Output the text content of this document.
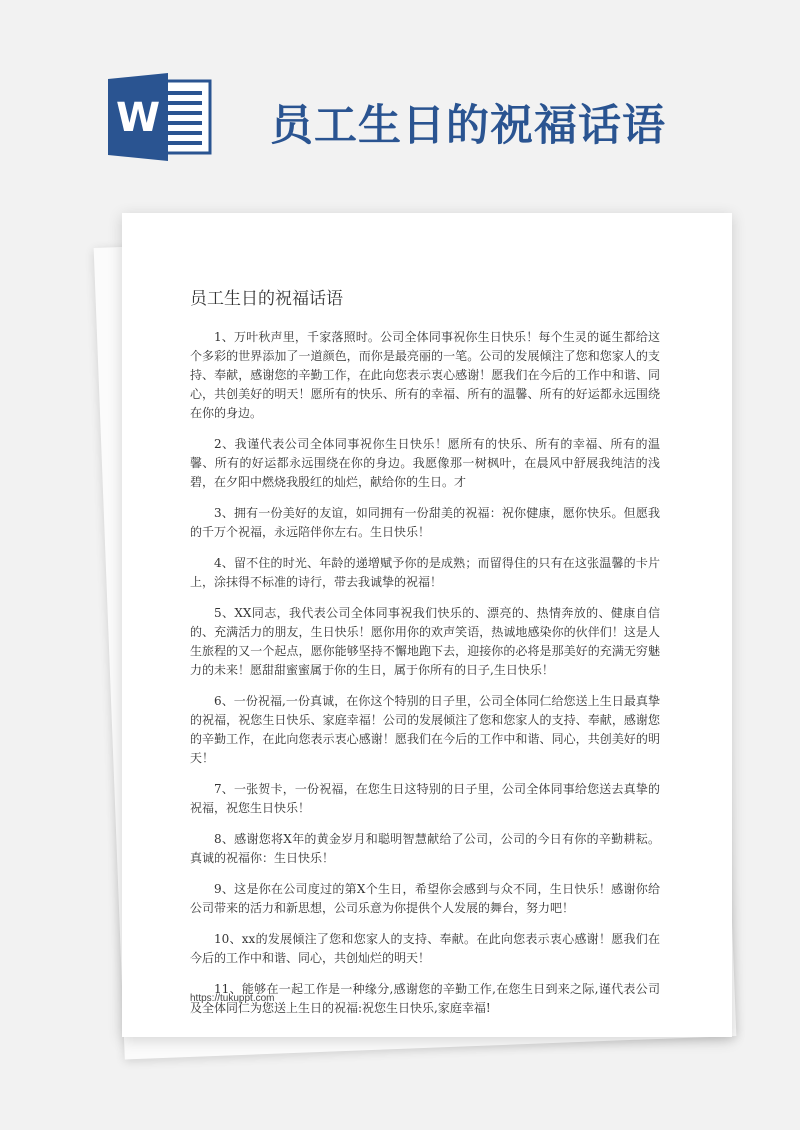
W	员工生日的祝福话语
员工生日的祝福话语

1、万叶秋声里，千家落照时。公司全体同事祝你生日快乐！每个生灵的诞生都给这个多彩的世界添加了一道颜色，而你是最亮丽的一笔。公司的发展倾注了您和您家人的支持、奉献，感谢您的辛勤工作，在此向您表示衷心感谢！愿我们在今后的工作中和谐、同心，共创美好的明天！愿所有的快乐、所有的幸福、所有的温馨、所有的好运都永远围绕在你的身边。

2、我谨代表公司全体同事祝你生日快乐！愿所有的快乐、所有的幸福、所有的温馨、所有的好运都永远围绕在你的身边。我愿像那一树枫叶，在晨风中舒展我纯洁的浅碧，在夕阳中燃烧我殷红的灿烂，献给你的生日。才

3、拥有一份美好的友谊，如同拥有一份甜美的祝福：祝你健康，愿你快乐。但愿我的千万个祝福，永远陪伴你左右。生日快乐！

4、留不住的时光、年龄的递增赋予你的是成熟；而留得住的只有在这张温馨的卡片上，涂抹得不标准的诗行，带去我诚挚的祝福！

5、XX同志，我代表公司全体同事祝我们快乐的、漂亮的、热情奔放的、健康自信的、充满活力的朋友，生日快乐！愿你用你的欢声笑语，热诚地感染你的伙伴们！这是人生旅程的又一个起点，愿你能够坚持不懈地跑下去，迎接你的必将是那美好的充满无穷魅力的未来！愿甜甜蜜蜜属于你的生日，属于你所有的日子,生日快乐！

6、一份祝福,一份真诚，在你这个特别的日子里，公司全体同仁给您送上生日最真挚的祝福，祝您生日快乐、家庭幸福！公司的发展倾注了您和您家人的支持、奉献，感谢您的辛勤工作，在此向您表示衷心感谢！愿我们在今后的工作中和谐、同心，共创美好的明天！

7、一张贺卡，一份祝福，在您生日这特别的日子里，公司全体同事给您送去真挚的祝福，祝您生日快乐！

8、感谢您将X年的黄金岁月和聪明智慧献给了公司，公司的今日有你的辛勤耕耘。真诚的祝福你：生日快乐！

9、这是你在公司度过的第X个生日，希望你会感到与众不同，生日快乐！感谢你给公司带来的活力和新思想，公司乐意为你提供个人发展的舞台，努力吧！

10、xx的发展倾注了您和您家人的支持、奉献。在此向您表示衷心感谢！愿我们在今后的工作中和谐、同心，共创灿烂的明天！

11、能够在一起工作是一种缘分,感谢您的辛勤工作,在您生日到来之际,谨代表公司及全体同仁为您送上生日的祝福:祝您生日快乐,家庭幸福!

https://tukuppt.com
